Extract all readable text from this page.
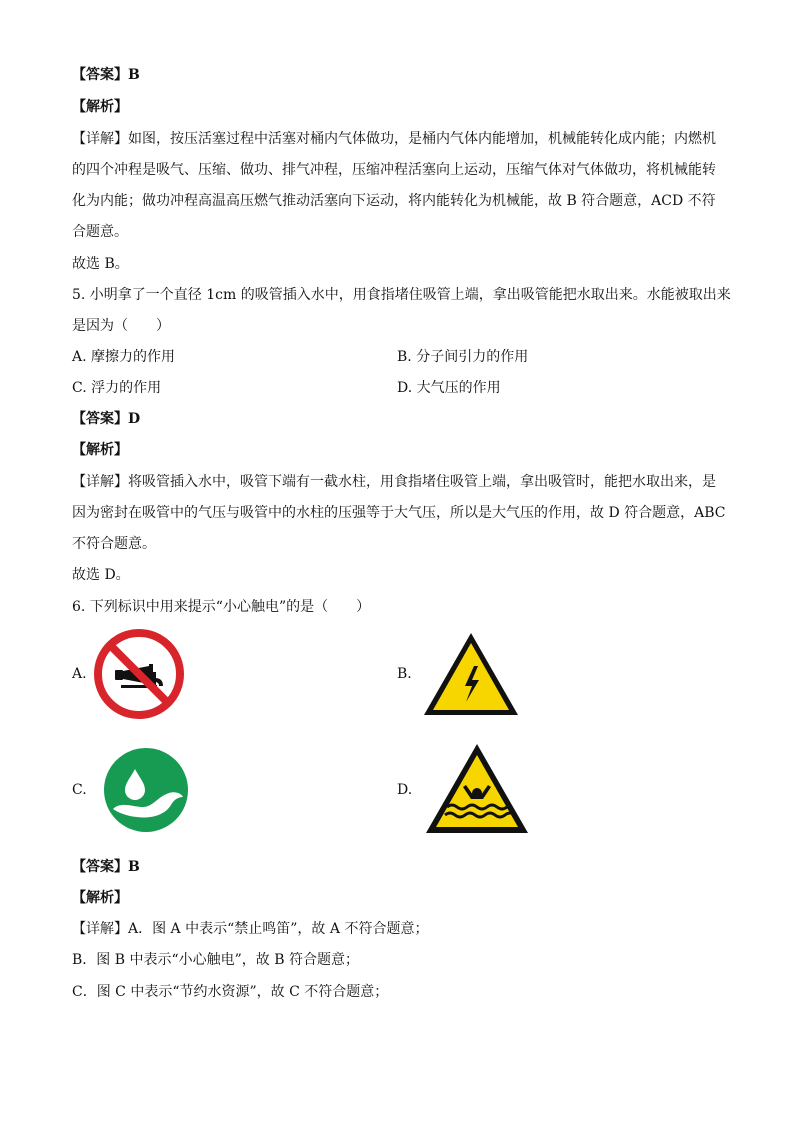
【答案】B
【解析】
【详解】如图，按压活塞过程中活塞对桶内气体做功，是桶内气体内能增加，机械能转化成内能；内燃机
的四个冲程是吸气、压缩、做功、排气冲程，压缩冲程活塞向上运动，压缩气体对气体做功，将机械能转
化为内能；做功冲程高温高压燃气推动活塞向下运动，将内能转化为机械能，故 B 符合题意，ACD 不符
合题意。
故选 B。
5. 小明拿了一个直径 1cm 的吸管插入水中，用食指堵住吸管上端，拿出吸管能把水取出来。水能被取出来
是因为（　　）
A. 摩擦力的作用	B. 分子间引力的作用
C. 浮力的作用	D. 大气压的作用
【答案】D
【解析】
【详解】将吸管插入水中，吸管下端有一截水柱，用食指堵住吸管上端，拿出吸管时，能把水取出来，是
因为密封在吸管中的气压与吸管中的水柱的压强等于大气压，所以是大气压的作用，故 D 符合题意，ABC
不符合题意。
故选 D。
6. 下列标识中用来提示“小心触电”的是（　　）
A.	B.
C.	D.
【答案】B
【解析】
【详解】A．图 A 中表示“禁止鸣笛”，故 A 不符合题意；
B．图 B 中表示“小心触电”，故 B 符合题意；
C．图 C 中表示“节约水资源”，故 C 不符合题意；
